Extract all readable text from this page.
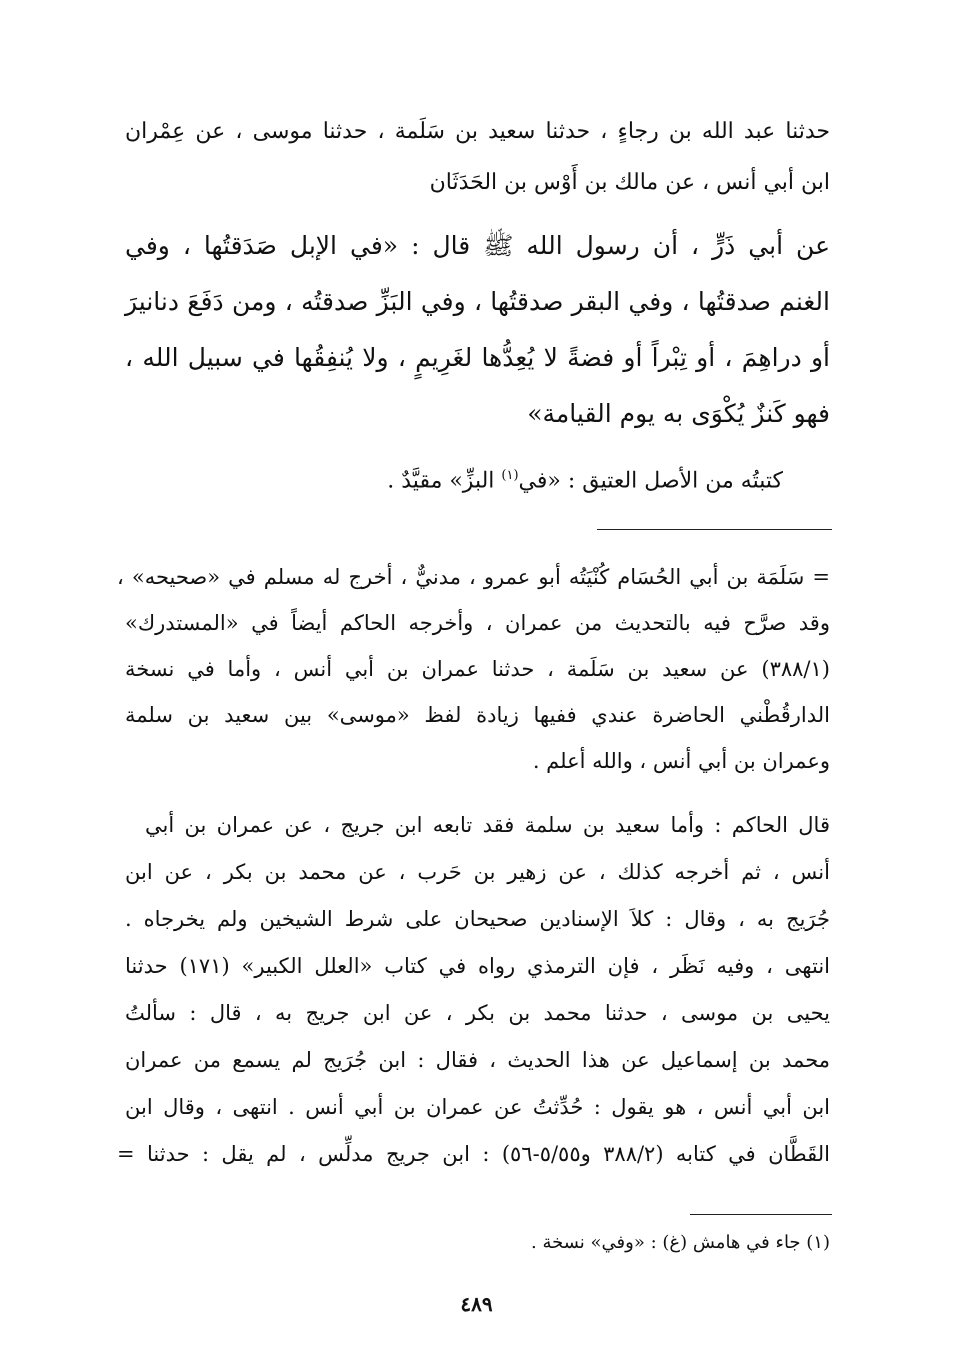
حدثنا عبد الله بن رجاءٍ ، حدثنا سعيد بن سَلَمة ، حدثنا موسى ، عن عِمْران
ابن أبي أنس ، عن مالك بن أَوْس بن الحَدَثَان
عن أبي ذَرٍّ ، أن رسول الله ﷺ قال : «في الإبل صَدَقتُها ، وفي
الغنم صدقتُها ، وفي البقر صدقتُها ، وفي البَزِّ صدقتُه ، ومن دَفَعَ دنانيرَ
أو دراهِمَ ، أو تِبْراً أو فضةً لا يُعِدُّها لغَرِيمٍ ، ولا يُنفِقُها في سبيل الله ،
فهو كَنزٌ يُكْوَى به يوم القيامة»
كتبتُه من الأصل العتيق : «في$^{(١)}$ البزِّ» مقيَّدٌ .
= سَلَمَة بن أبي الحُسَام كُنْيَتُه أبو عمرو ، مدنيٌّ ، أخرج له مسلم في «صحيحه» ،
وقد صرَّح فيه بالتحديث من عمران ، وأخرجه الحاكم أيضاً في «المستدرك»
(٣٨٨/١) عن سعيد بن سَلَمة ، حدثنا عمران بن أبي أنس ، وأما في نسخة
الدارقُطْني الحاضرة عندي ففيها زيادة لفظ «موسى» بين سعيد بن سلمة
وعمران بن أبي أنس ، والله أعلم .
قال الحاكم : وأما سعيد بن سلمة فقد تابعه ابن جريج ، عن عمران بن أبي
أنس ، ثم أخرجه كذلك ، عن زهير بن حَرب ، عن محمد بن بكر ، عن ابن
جُرَيج به ، وقال : كلاَ الإسنادين صحيحان على شرط الشيخين ولم يخرجاه .
انتهى ، وفيه نَظَر ، فإن الترمذي رواه في كتاب «العلل الكبير» (١٧١) حدثنا
يحيى بن موسى ، حدثنا محمد بن بكر ، عن ابن جريج به ، قال : سألتُ
محمد بن إسماعيل عن هذا الحديث ، فقال : ابن جُرَيج لم يسمع من عمران
ابن أبي أنس ، هو يقول : حُدِّثتُ عن عمران بن أبي أنس . انتهى ، وقال ابن
القَطَّان في كتابه (٣٨٨/٢ و٥/٥٥-٥٦) : ابن جريج مدلِّس ، لم يقل : حدثنا =
(١) جاء في هامش (غ) : «وفي» نسخة .
٤٨٩
